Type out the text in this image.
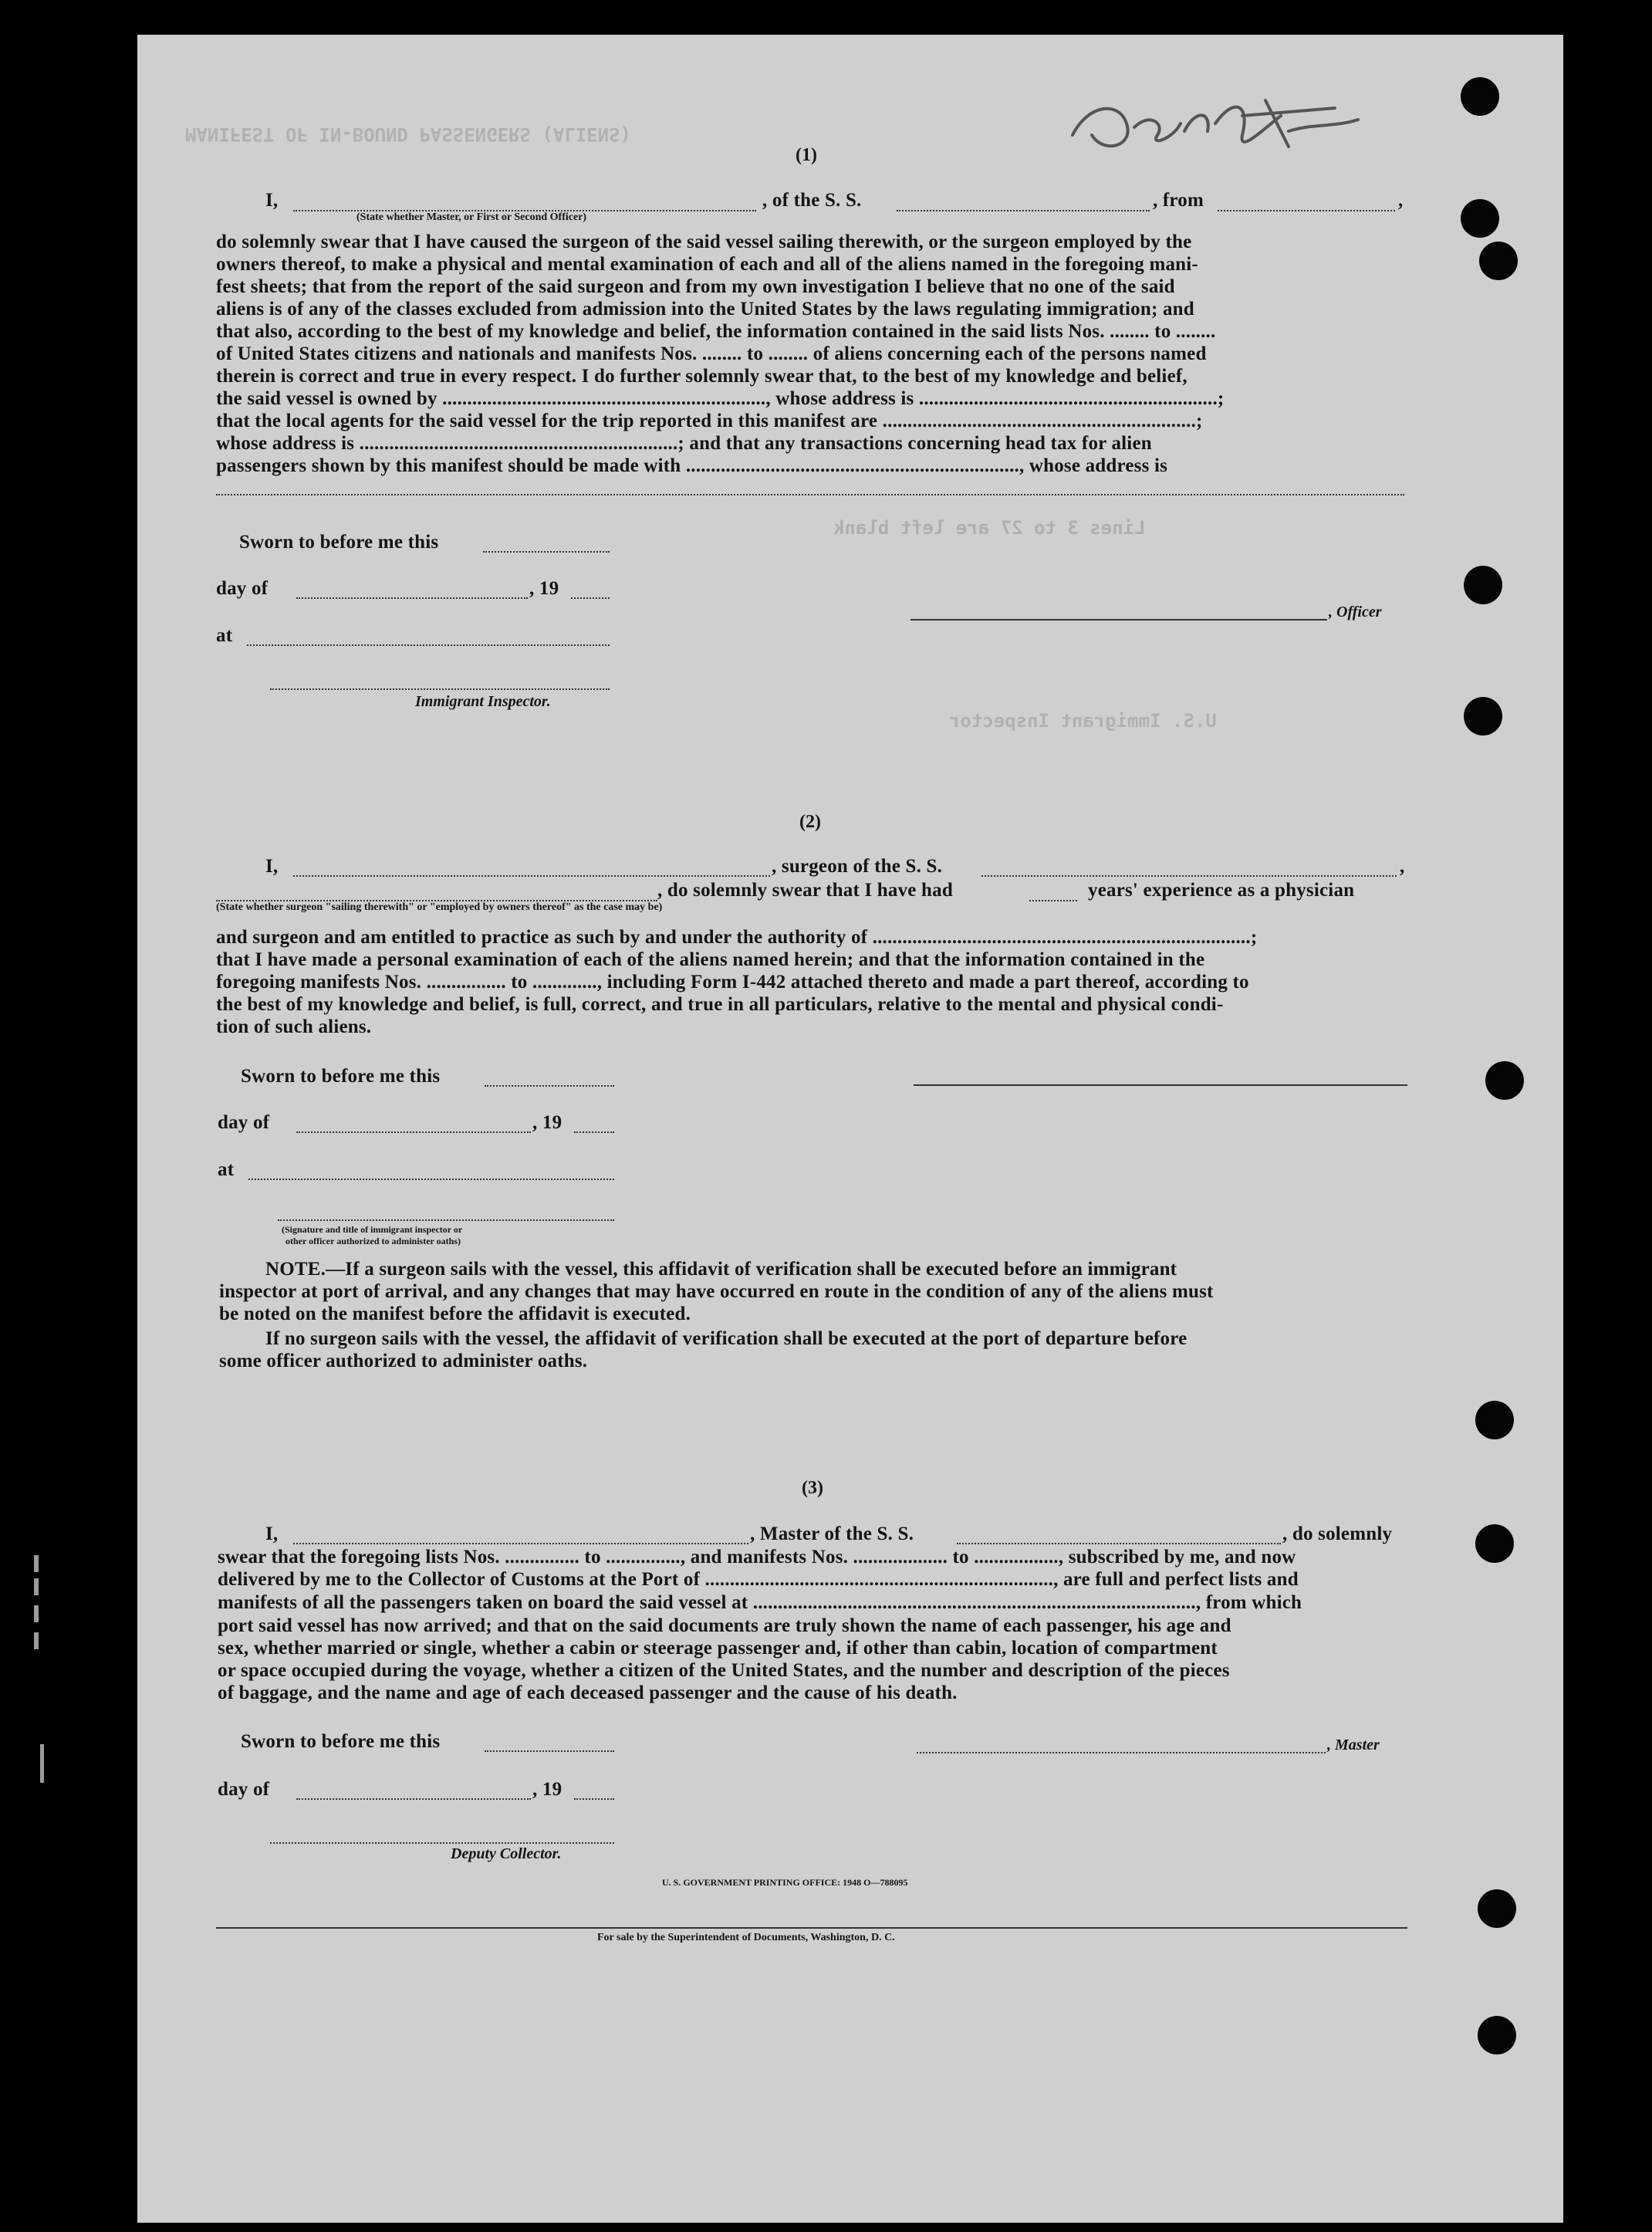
MANIFEST OF IN-BOUND PASSENGERS (ALIENS)
Lines 3 to 27 are left blank
U.S. Immigrant Inspector
(1)
I,	, of the S. S.	, from	,
(State whether Master, or First or Second Officer)
do solemnly swear that I have caused the surgeon of the said vessel sailing therewith, or the surgeon employed by the
owners thereof, to make a physical and mental examination of each and all of the aliens named in the foregoing mani-
fest sheets; that from the report of the said surgeon and from my own investigation I believe that no one of the said
aliens is of any of the classes excluded from admission into the United States by the laws regulating immigration; and
that also, according to the best of my knowledge and belief, the information contained in the said lists Nos. ........ to ........
of United States citizens and nationals and manifests Nos. ........ to ........ of aliens concerning each of the persons named
therein is correct and true in every respect. I do further solemnly swear that, to the best of my knowledge and belief,
the said vessel is owned by ................................................................., whose address is ............................................................;
that the local agents for the said vessel for the trip reported in this manifest are ...............................................................;
whose address is ................................................................; and that any transactions concerning head tax for alien
passengers shown by this manifest should be made with ..................................................................., whose address is
Sworn to before me this
day of	, 19
at
Immigrant Inspector.
, Officer
(2)
I,	, surgeon of the S. S.	,
, do solemnly swear that I have had	years' experience as a physician
(State whether surgeon "sailing therewith" or "employed by owners thereof" as the case may be)
and surgeon and am entitled to practice as such by and under the authority of ............................................................................;
that I have made a personal examination of each of the aliens named herein; and that the information contained in the
foregoing manifests Nos. ................ to ............., including Form I-442 attached thereto and made a part thereof, according to
the best of my knowledge and belief, is full, correct, and true in all particulars, relative to the mental and physical condi-
tion of such aliens.
Sworn to before me this
day of	, 19
at
(Signature and title of immigrant inspector or
other officer authorized to administer oaths)
NOTE.—If a surgeon sails with the vessel, this affidavit of verification shall be executed before an immigrant
inspector at port of arrival, and any changes that may have occurred en route in the condition of any of the aliens must
be noted on the manifest before the affidavit is executed.
If no surgeon sails with the vessel, the affidavit of verification shall be executed at the port of departure before
some officer authorized to administer oaths.
(3)
I,	, Master of the S. S.	, do solemnly
swear that the foregoing lists Nos. ............... to ..............., and manifests Nos. ................... to ................., subscribed by me, and now
delivered by me to the Collector of Customs at the Port of ......................................................................, are full and perfect lists and
manifests of all the passengers taken on board the said vessel at ........................................................................................., from which
port said vessel has now arrived; and that on the said documents are truly shown the name of each passenger, his age and
sex, whether married or single, whether a cabin or steerage passenger and, if other than cabin, location of compartment
or space occupied during the voyage, whether a citizen of the United States, and the number and description of the pieces
of baggage, and the name and age of each deceased passenger and the cause of his death.
Sworn to before me this
day of	, 19
Deputy Collector.
, Master
U. S. GOVERNMENT PRINTING OFFICE: 1948 O—788095
For sale by the Superintendent of Documents, Washington, D. C.
